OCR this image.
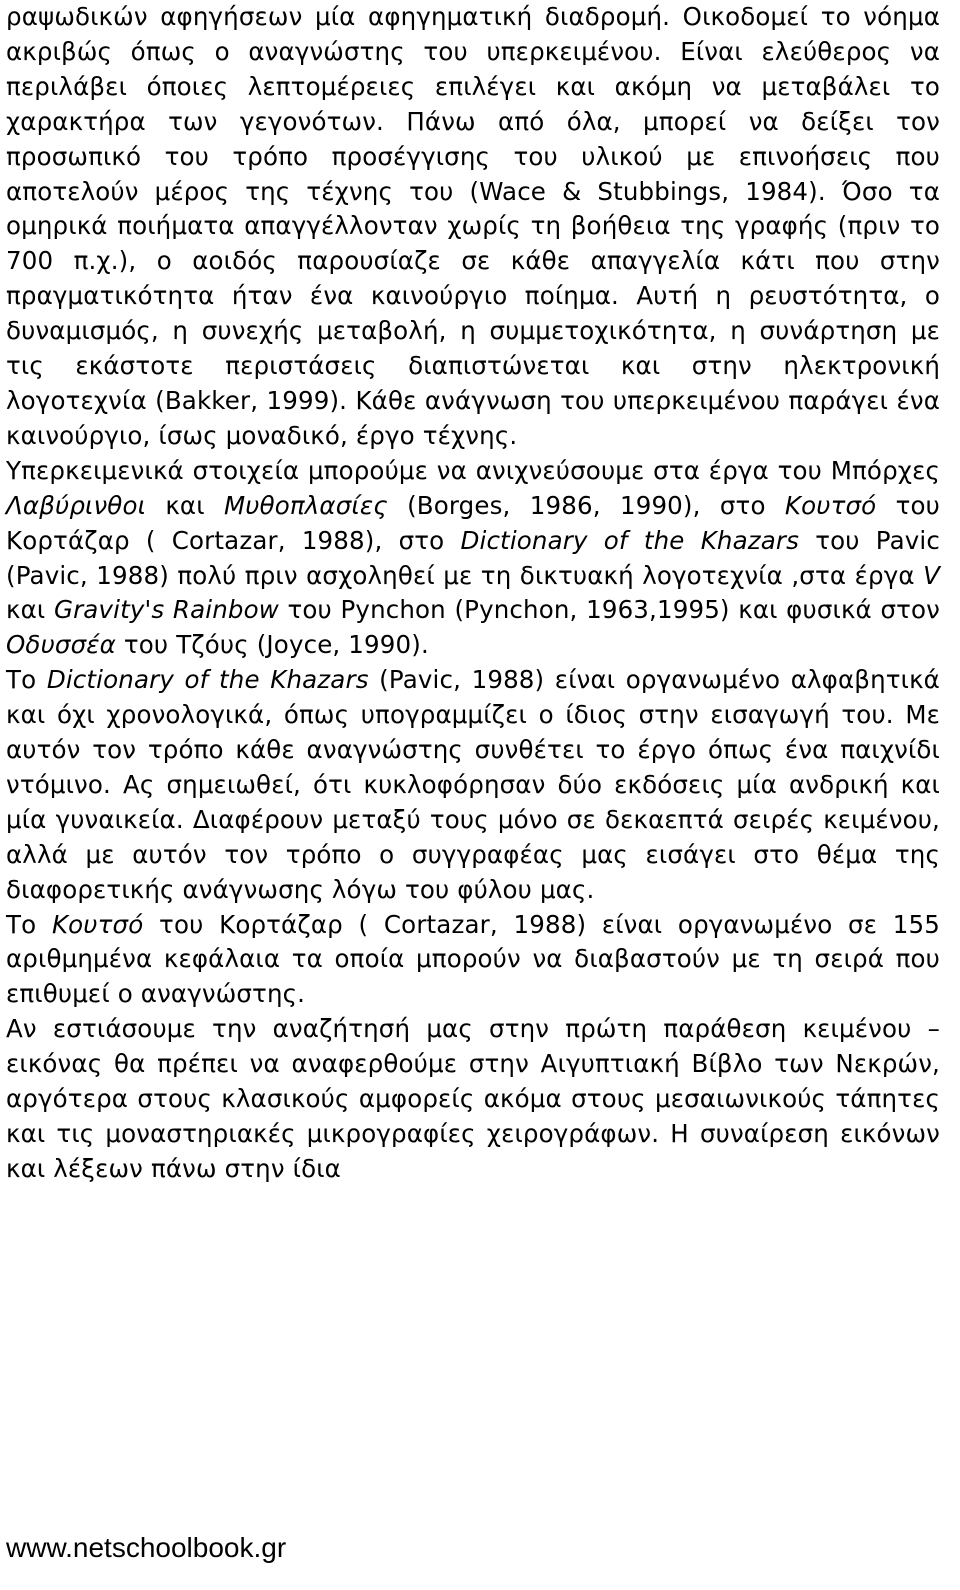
ραψωδικών αφηγήσεων μία αφηγηματική διαδρομή. Οικοδομεί το νόημα ακριβώς όπως ο αναγνώστης του υπερκειμένου. Είναι ελεύθερος να περιλάβει όποιες λεπτομέρειες επιλέγει και ακόμη να μεταβάλει το χαρακτήρα των γεγονότων. Πάνω από όλα, μπορεί να δείξει τον προσωπικό του τρόπο προσέγγισης του υλικού με επινοήσεις που αποτελούν μέρος της τέχνης του (Wace & Stubbings, 1984). Όσο τα ομηρικά ποιήματα απαγγέλλονταν χωρίς τη βοήθεια της γραφής (πριν το 700 π.χ.), ο αοιδός παρουσίαζε σε κάθε απαγγελία κάτι που στην πραγματικότητα ήταν ένα καινούργιο ποίημα. Αυτή η ρευστότητα, ο δυναμισμός, η συνεχής μεταβολή, η συμμετοχικότητα, η συνάρτηση με τις εκάστοτε περιστάσεις διαπιστώνεται και στην ηλεκτρονική λογοτεχνία (Bakker, 1999). Κάθε ανάγνωση του υπερκειμένου παράγει ένα καινούργιο, ίσως μοναδικό, έργο τέχνης.

Υπερκειμενικά στοιχεία μπορούμε να ανιχνεύσουμε στα έργα του Μπόρχες Λαβύρινθοι και Μυθοπλασίες (Borges, 1986, 1990), στο Κουτσό του Κορτάζαρ ( Cortazar, 1988), στο Dictionary of the Khazars του Pavic (Pavic, 1988) πολύ πριν ασχοληθεί με τη δικτυακή λογοτεχνία ,στα έργα V και Gravity's Rainbow του Pynchon (Pynchon, 1963,1995) και φυσικά στον Οδυσσέα του Τζόυς (Joyce, 1990).

Το Dictionary of the Khazars (Pavic, 1988) είναι οργανωμένο αλφαβητικά και όχι χρονολογικά, όπως υπογραμμίζει ο ίδιος στην εισαγωγή του. Με αυτόν τον τρόπο κάθε αναγνώστης συνθέτει το έργο όπως ένα παιχνίδι ντόμινο. Ας σημειωθεί, ότι κυκλοφόρησαν δύο εκδόσεις μία ανδρική και μία γυναικεία. Διαφέρουν μεταξύ τους μόνο σε δεκαεπτά σειρές κειμένου, αλλά με αυτόν τον τρόπο ο συγγραφέας μας εισάγει στο θέμα της διαφορετικής ανάγνωσης λόγω του φύλου μας.

Το Κουτσό του Κορτάζαρ ( Cortazar, 1988) είναι οργανωμένο σε 155 αριθμημένα κεφάλαια τα οποία μπορούν να διαβαστούν με τη σειρά που επιθυμεί ο αναγνώστης.

Αν εστιάσουμε την αναζήτησή μας στην πρώτη παράθεση κειμένου –εικόνας θα πρέπει να αναφερθούμε στην Αιγυπτιακή Βίβλο των Νεκρών, αργότερα στους κλασικούς αμφορείς ακόμα στους μεσαιωνικούς τάπητες και τις μοναστηριακές μικρογραφίες χειρογράφων. Η συναίρεση εικόνων και λέξεων πάνω στην ίδια

www.netschoolbook.gr
